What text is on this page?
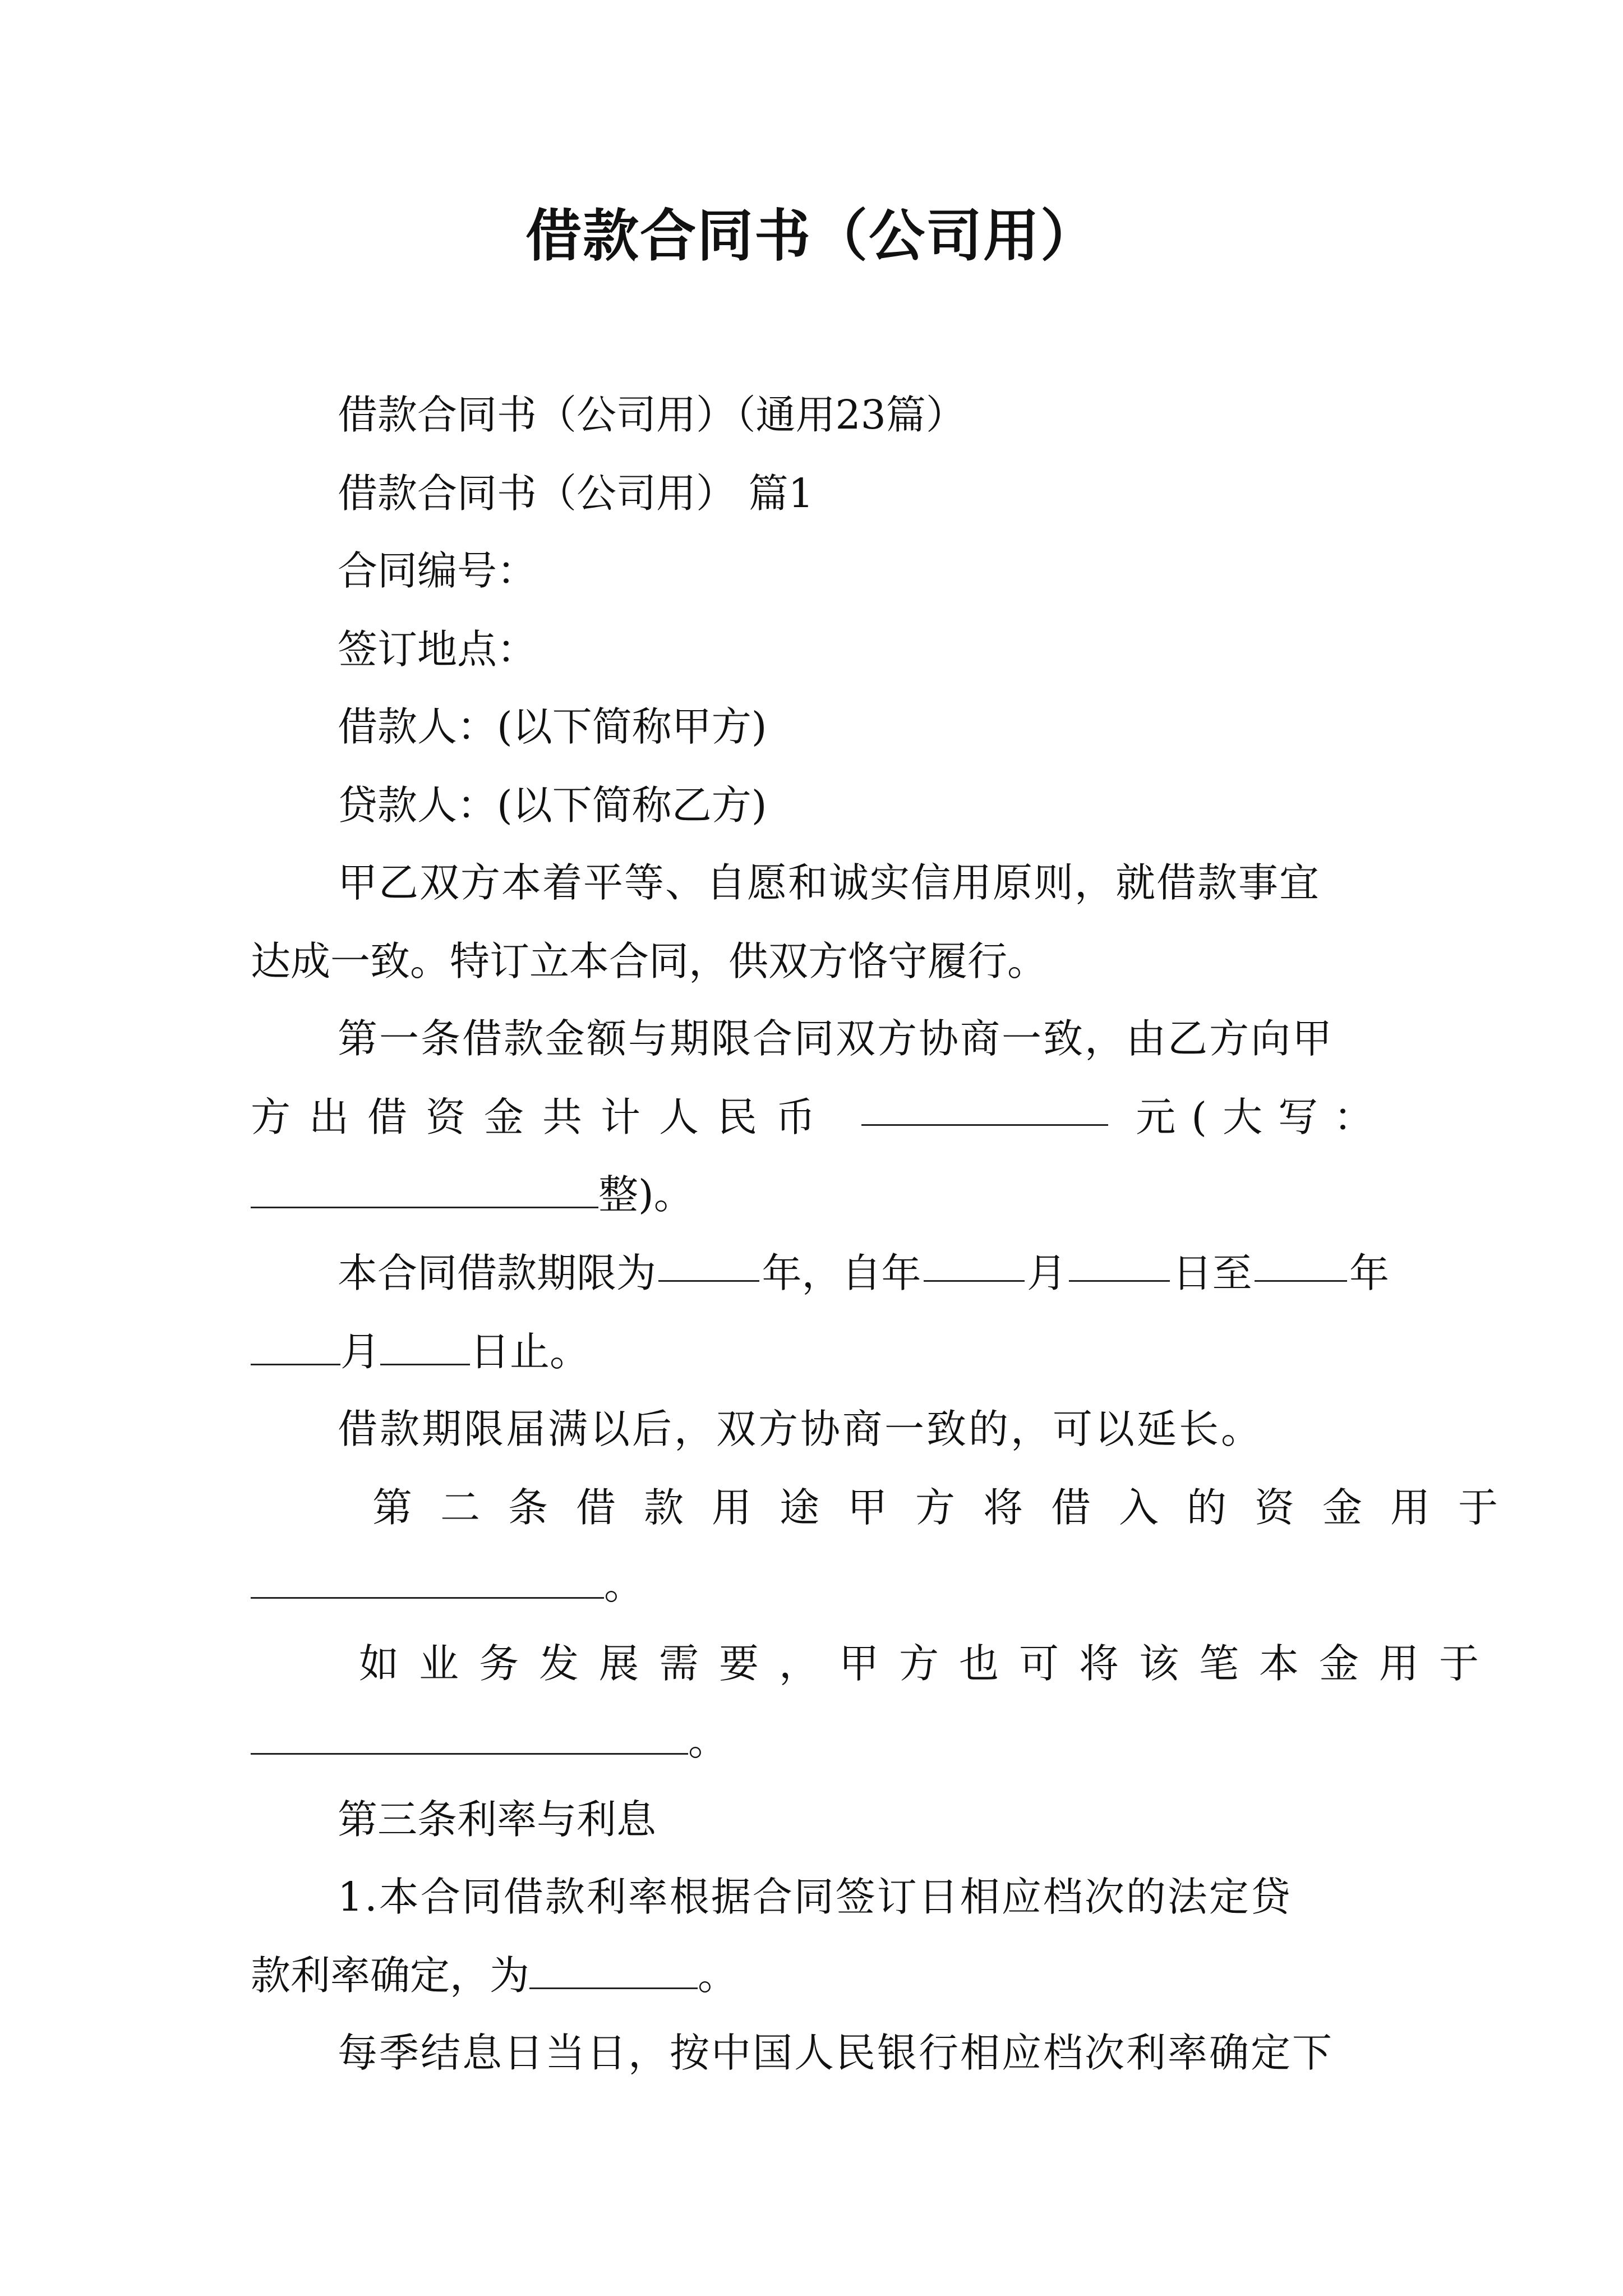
借款合同书（公司用）
借款合同书（公司用）（通用23篇）
借款合同书（公司用） 篇1
合同编号：
签订地点：
借款人：(以下简称甲方)
贷款人：(以下简称乙方)
甲乙双方本着平等、自愿和诚实信用原则，就借款事宜
达成一致。特订立本合同，供双方恪守履行。
第一条借款金额与期限合同双方协商一致，由乙方向甲
方出借资金共计人民币	元(大写：
整)。
本合同借款期限为	年，自年	月	日至 年
月 日止。
借款期限届满以后，双方协商一致的，可以延长。
第二条借款用途甲方将借入的资金用于
。
如业务发展需要，甲方也可将该笔本金用于
。
第三条利率与利息
1.本合同借款利率根据合同签订日相应档次的法定贷
款利率确定，为	。
每季结息日当日，按中国人民银行相应档次利率确定下
